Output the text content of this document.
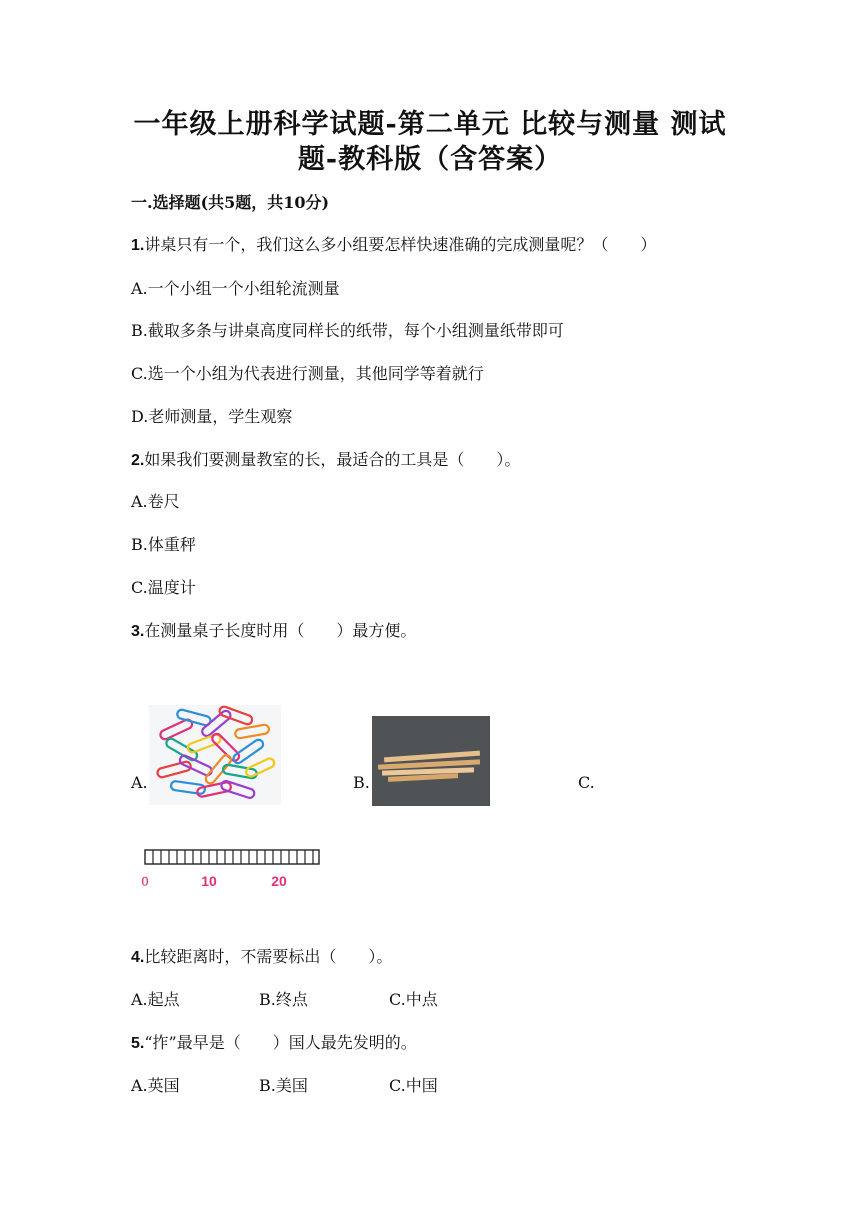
一年级上册科学试题-第二单元 比较与测量 测试
题-教科版（含答案）
一.选择题(共5题，共10分)
1.讲桌只有一个，我们这么多小组要怎样快速准确的完成测量呢？（　　）
A.一个小组一个小组轮流测量
B.截取多条与讲桌高度同样长的纸带，每个小组测量纸带即可
C.选一个小组为代表进行测量，其他同学等着就行
D.老师测量，学生观察
2.如果我们要测量教室的长，最适合的工具是（　　）。
A.卷尺
B.体重秤
C.温度计
3.在测量桌子长度时用（　　）最方便。
A.	B.	C.
0	10	20
4.比较距离时，不需要标出（　　）。
A.起点	B.终点	C.中点
5.“拃”最早是（　　）国人最先发明的。
A.英国	B.美国	C.中国
